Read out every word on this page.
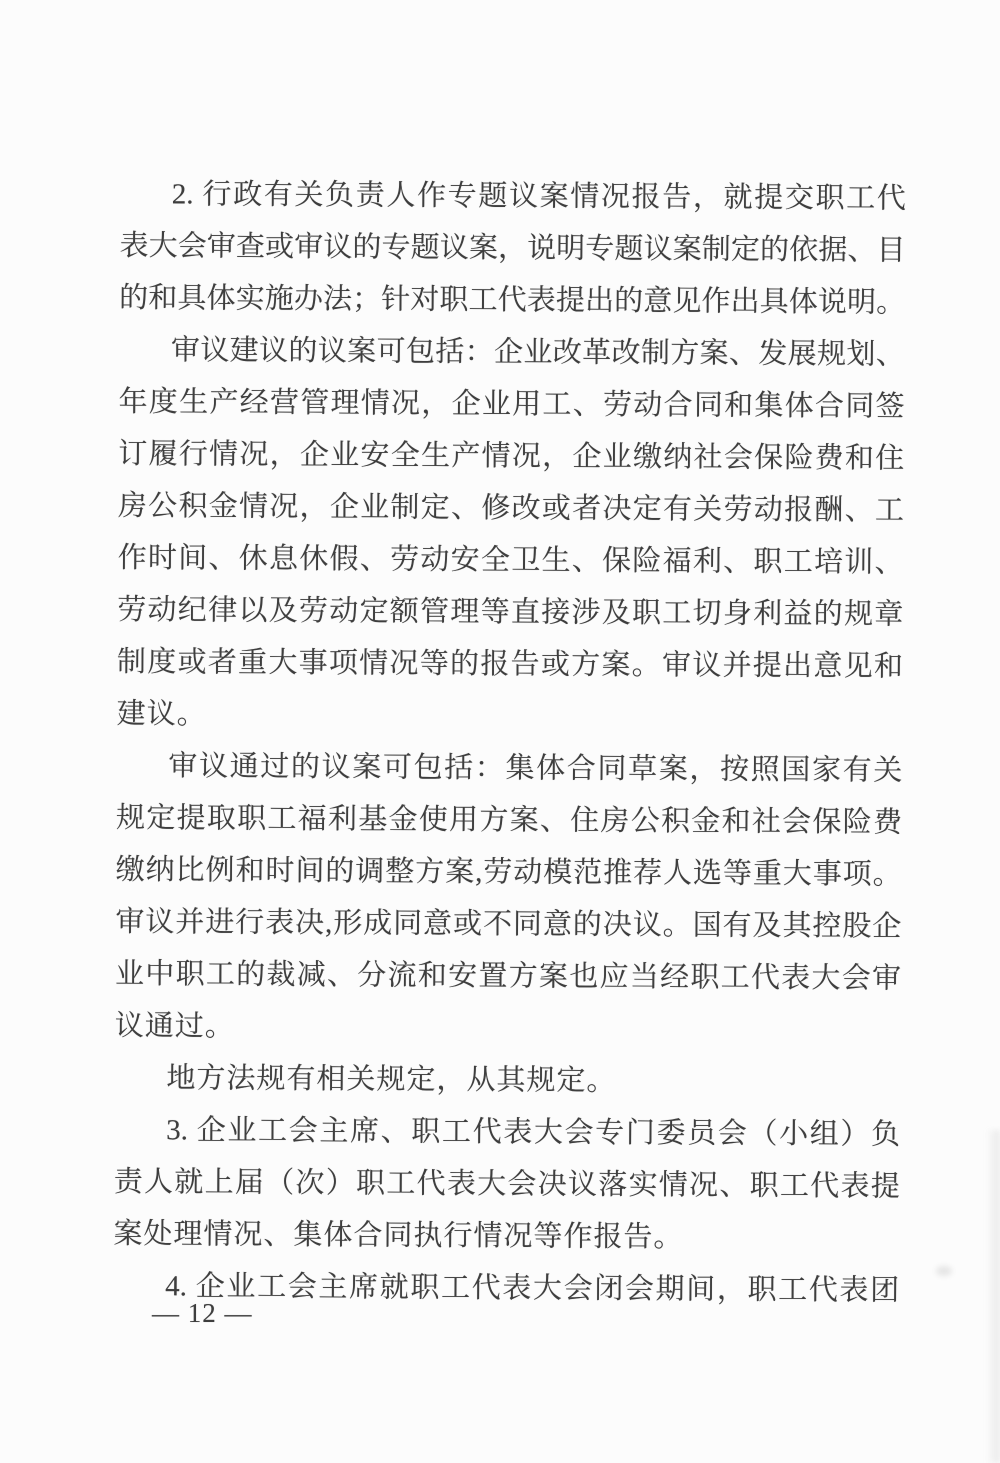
2. 行政有关负责人作专题议案情况报告，就提交职工代
表大会审查或审议的专题议案，说明专题议案制定的依据、目
的和具体实施办法；针对职工代表提出的意见作出具体说明。
审议建议的议案可包括：企业改革改制方案、发展规划、
年度生产经营管理情况，企业用工、劳动合同和集体合同签
订履行情况，企业安全生产情况，企业缴纳社会保险费和住
房公积金情况，企业制定、修改或者决定有关劳动报酬、工
作时间、休息休假、劳动安全卫生、保险福利、职工培训、
劳动纪律以及劳动定额管理等直接涉及职工切身利益的规章
制度或者重大事项情况等的报告或方案。审议并提出意见和
建议。
审议通过的议案可包括：集体合同草案，按照国家有关
规定提取职工福利基金使用方案、住房公积金和社会保险费
缴纳比例和时间的调整方案,劳动模范推荐人选等重大事项。
审议并进行表决,形成同意或不同意的决议。国有及其控股企
业中职工的裁减、分流和安置方案也应当经职工代表大会审
议通过。
地方法规有相关规定，从其规定。
3. 企业工会主席、职工代表大会专门委员会（小组）负
责人就上届（次）职工代表大会决议落实情况、职工代表提
案处理情况、集体合同执行情况等作报告。
4. 企业工会主席就职工代表大会闭会期间，职工代表团
— 12 —
